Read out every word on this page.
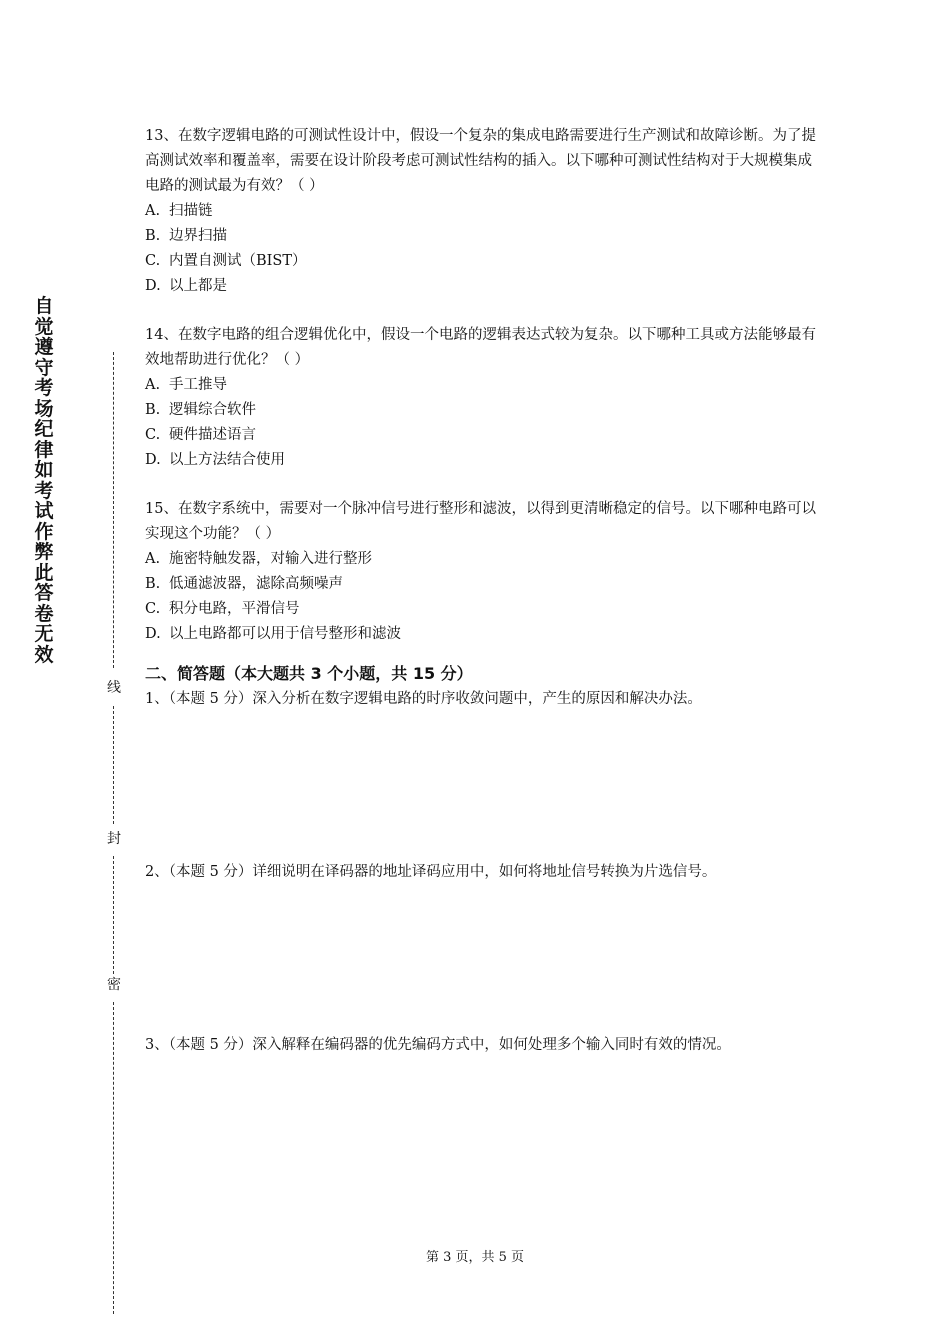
自觉遵守考场纪律如考试作弊此答卷无效
线
封
密

13、在数字逻辑电路的可测试性设计中，假设一个复杂的集成电路需要进行生产测试和故障诊断。为了提高测试效率和覆盖率，需要在设计阶段考虑可测试性结构的插入。以下哪种可测试性结构对于大规模集成电路的测试最为有效？（ ）

A. 扫描链

B. 边界扫描

C. 内置自测试（BIST）

D. 以上都是

14、在数字电路的组合逻辑优化中，假设一个电路的逻辑表达式较为复杂。以下哪种工具或方法能够最有效地帮助进行优化？（ ）

A. 手工推导

B. 逻辑综合软件

C. 硬件描述语言

D. 以上方法结合使用

15、在数字系统中，需要对一个脉冲信号进行整形和滤波，以得到更清晰稳定的信号。以下哪种电路可以实现这个功能？（ ）

A. 施密特触发器，对输入进行整形

B. 低通滤波器，滤除高频噪声

C. 积分电路，平滑信号

D. 以上电路都可以用于信号整形和滤波

二、简答题（本大题共 3 个小题，共 15 分）

1、（本题 5 分）深入分析在数字逻辑电路的时序收敛问题中，产生的原因和解决办法。

2、（本题 5 分）详细说明在译码器的地址译码应用中，如何将地址信号转换为片选信号。

3、（本题 5 分）深入解释在编码器的优先编码方式中，如何处理多个输入同时有效的情况。

第 3 页，共 5 页
